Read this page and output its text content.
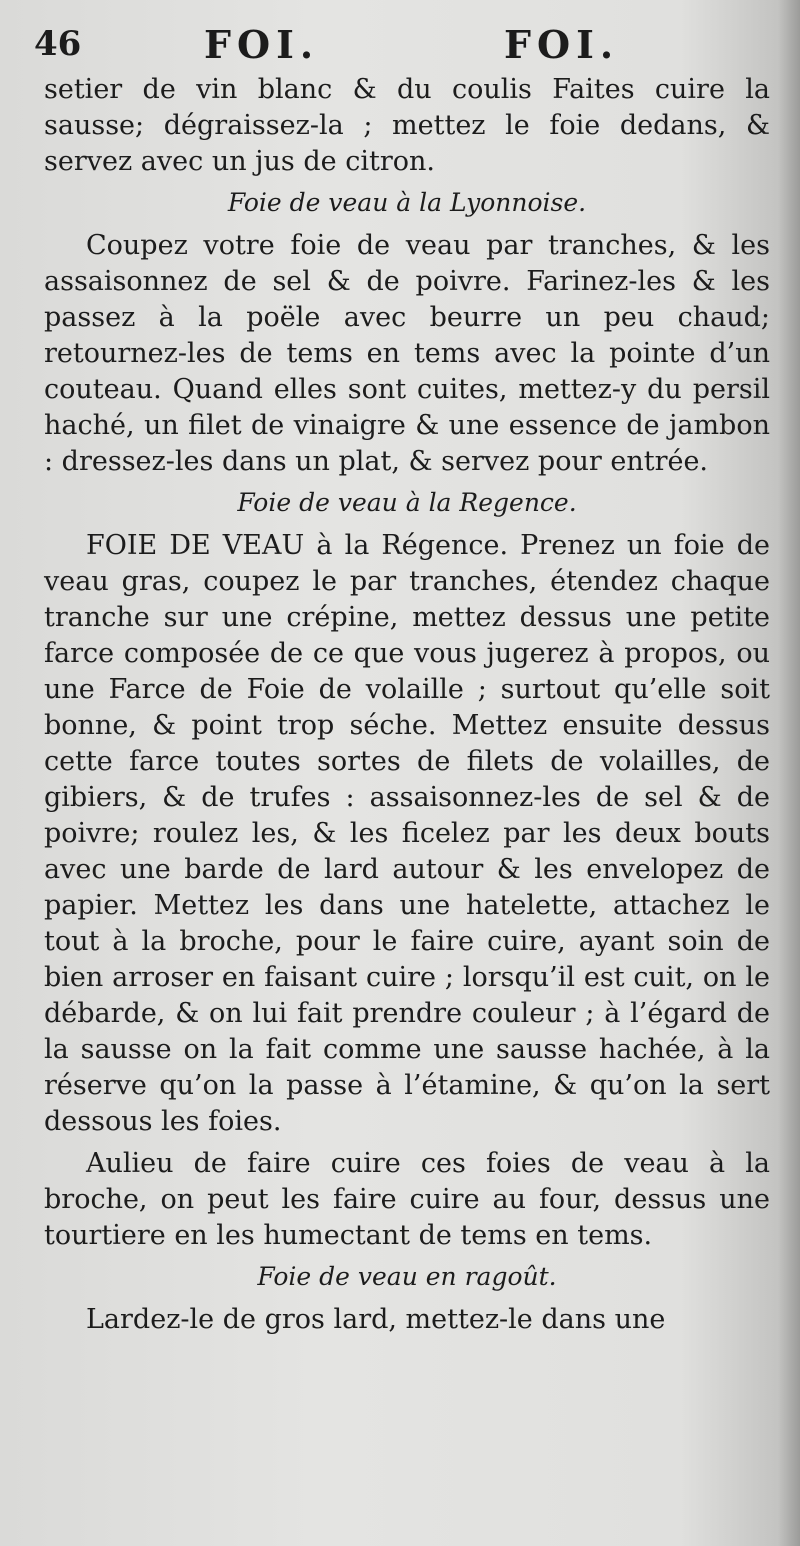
46	FOI.	FOI.

setier de vin blanc & du coulis Faites cuire la sausse; dégraissez-la ; mettez le foie dedans, & servez avec un jus de citron.

Foie de veau à la Lyonnoise.

Coupez votre foie de veau par tranches, & les assaisonnez de sel & de poivre. Farinez-les & les passez à la poële avec beurre un peu chaud; retournez-les de tems en tems avec la pointe d’un couteau. Quand elles sont cuites, mettez-y du persil haché, un filet de vinaigre & une essence de jambon : dressez-les dans un plat, & servez pour entrée.

Foie de veau à la Regence.

FOIE DE VEAU à la Régence. Prenez un foie de veau gras, coupez le par tranches, étendez chaque tranche sur une crépine, mettez dessus une petite farce composée de ce que vous jugerez à propos, ou une Farce de Foie de volaille ; surtout qu’elle soit bonne, & point trop séche. Mettez ensuite dessus cette farce toutes sortes de filets de volailles, de gibiers, & de trufes : assaisonnez-les de sel & de poivre; roulez les, & les ficelez par les deux bouts avec une barde de lard autour & les envelopez de papier. Mettez les dans une hatelette, attachez le tout à la broche, pour le faire cuire, ayant soin de bien arroser en faisant cuire ; lorsqu’il est cuit, on le débarde, & on lui fait prendre couleur ; à l’égard de la sausse on la fait comme une sausse hachée, à la réserve qu’on la passe à l’étamine, & qu’on la sert dessous les foies.

Aulieu de faire cuire ces foies de veau à la broche, on peut les faire cuire au four, dessus une tourtiere en les humectant de tems en tems.

Foie de veau en ragoût.

Lardez-le de gros lard, mettez-le dans une
